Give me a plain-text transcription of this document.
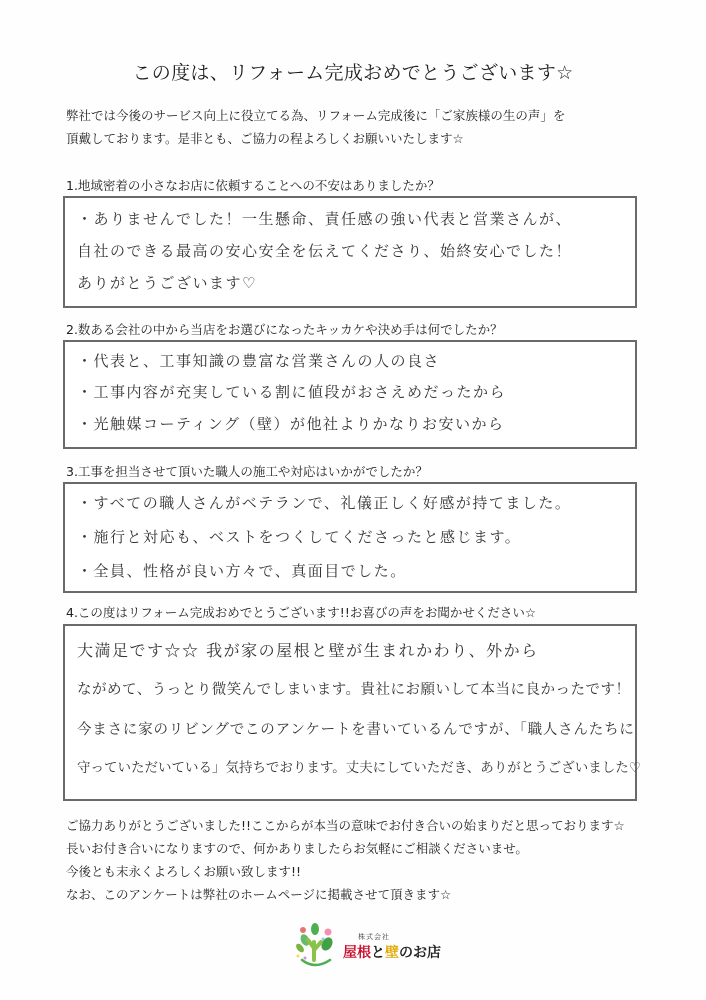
この度は、リフォーム完成おめでとうございます☆
弊社では今後のサービス向上に役立てる為、リフォーム完成後に「ご家族様の生の声」を
頂戴しております。是非とも、ご協力の程よろしくお願いいたします☆
1.地域密着の小さなお店に依頼することへの不安はありましたか？
・ありませんでした！一生懸命、責任感の強い代表と営業さんが、
自社のできる最高の安心安全を伝えてくださり、始終安心でした！
ありがとうございます♡
2.数ある会社の中から当店をお選びになったキッカケや決め手は何でしたか？
・代表と、工事知識の豊富な営業さんの人の良さ
・工事内容が充実している割に値段がおさえめだったから
・光触媒コーティング（壁）が他社よりかなりお安いから
3.工事を担当させて頂いた職人の施工や対応はいかがでしたか？
・すべての職人さんがベテランで、礼儀正しく好感が持てました。
・施行と対応も、ベストをつくしてくださったと感じます。
・全員、性格が良い方々で、真面目でした。
4.この度はリフォーム完成おめでとうございます!!お喜びの声をお聞かせください☆
大満足です☆☆ 我が家の屋根と壁が生まれかわり、外から
ながめて、うっとり微笑んでしまいます。貴社にお願いして本当に良かったです！
今まさに家のリビングでこのアンケートを書いているんですが、「職人さんたちに
守っていただいている」気持ちでおります。丈夫にしていただき、ありがとうございました♡
ご協力ありがとうございました!!ここからが本当の意味でお付き合いの始まりだと思っております☆
長いお付き合いになりますので、何かありましたらお気軽にご相談くださいませ。
今後とも末永くよろしくお願い致します!!
なお、このアンケートは弊社のホームページに掲載させて頂きます☆
株式会社
屋根と壁のお店
